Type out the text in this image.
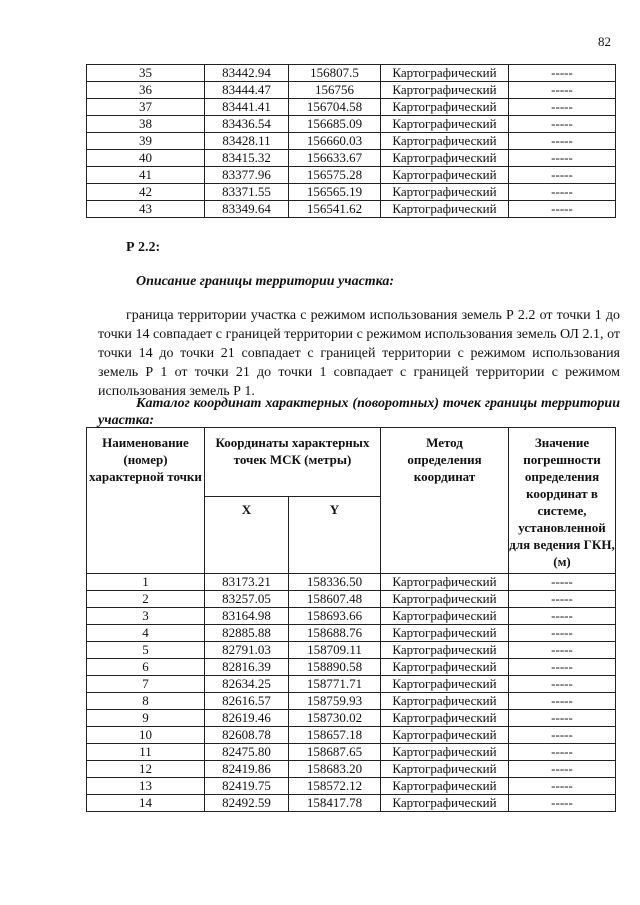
82
35	83442.94	156807.5	Картографический	-----
36	83444.47	156756	Картографический	-----
37	83441.41	156704.58	Картографический	-----
38	83436.54	156685.09	Картографический	-----
39	83428.11	156660.03	Картографический	-----
40	83415.32	156633.67	Картографический	-----
41	83377.96	156575.28	Картографический	-----
42	83371.55	156565.19	Картографический	-----
43	83349.64	156541.62	Картографический	-----
Р 2.2:
Описание границы территории участка:
граница территории участка с режимом использования земель Р 2.2 от точки 1 до точки 14 совпадает с границей территории с режимом использования земель ОЛ 2.1, от точки 14 до точки 21 совпадает с границей территории с режимом использования земель Р 1 от точки 21 до точки 1 совпадает с границей территории с режимом использования земель Р 1.
Каталог координат характерных (поворотных) точек границы территории участка:
Наименование (номер) характерной точки	Координаты характерных точек МСК (метры)		Метод определения координат	Значение погрешности определения координат в системе, установленной для ведения ГКН, (м)
	X	Y		
1	83173.21	158336.50	Картографический	-----
2	83257.05	158607.48	Картографический	-----
3	83164.98	158693.66	Картографический	-----
4	82885.88	158688.76	Картографический	-----
5	82791.03	158709.11	Картографический	-----
6	82816.39	158890.58	Картографический	-----
7	82634.25	158771.71	Картографический	-----
8	82616.57	158759.93	Картографический	-----
9	82619.46	158730.02	Картографический	-----
10	82608.78	158657.18	Картографический	-----
11	82475.80	158687.65	Картографический	-----
12	82419.86	158683.20	Картографический	-----
13	82419.75	158572.12	Картографический	-----
14	82492.59	158417.78	Картографический	-----
